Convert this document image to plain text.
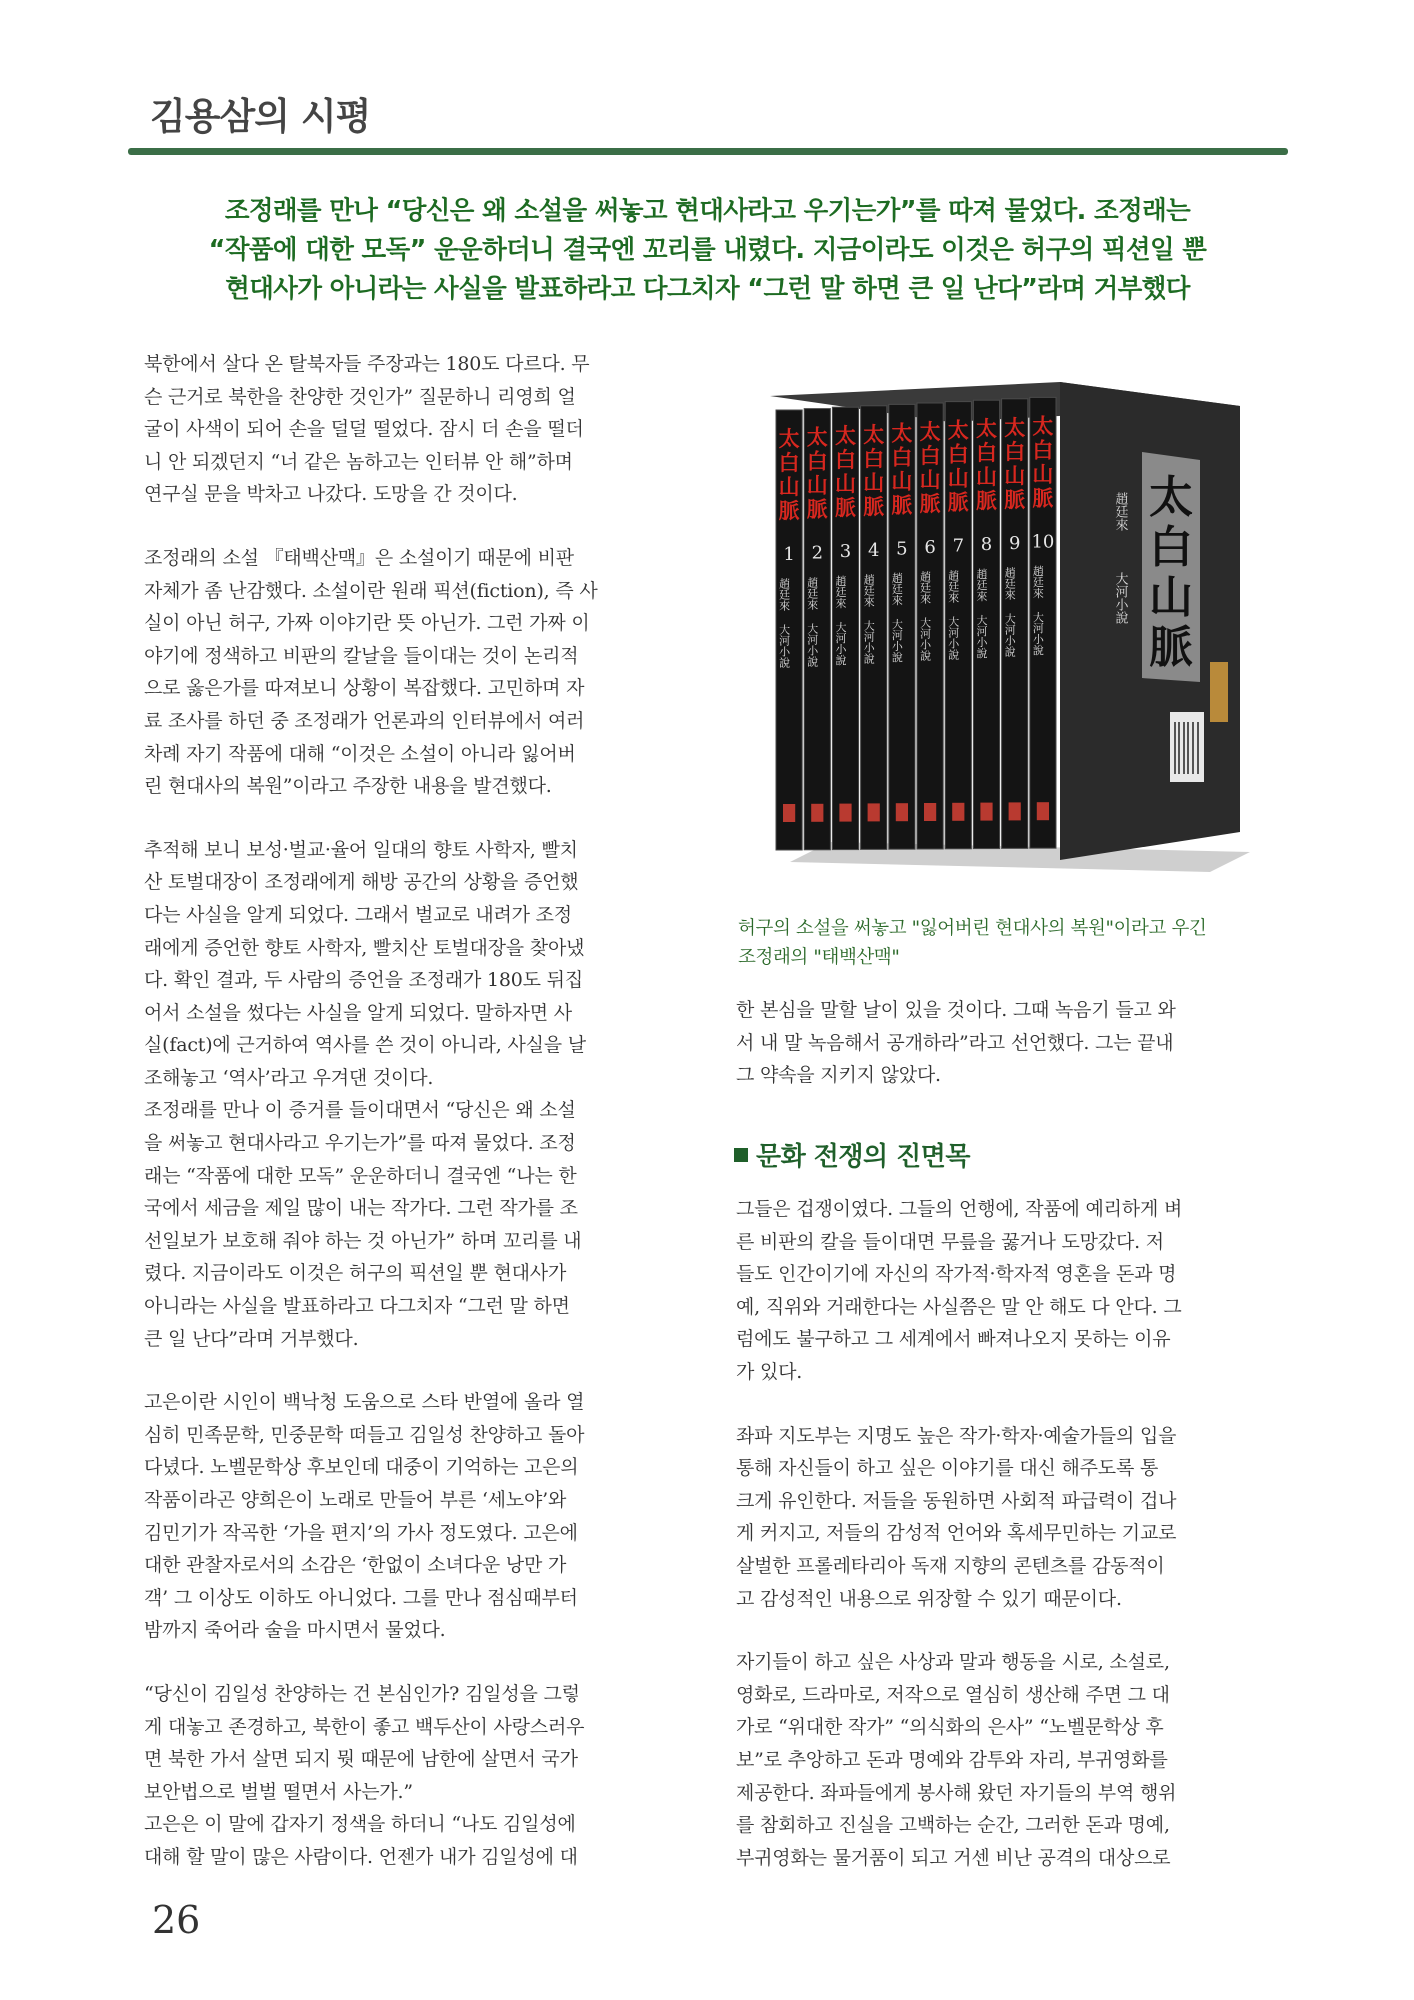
김용삼의 시평
조정래를 만나 “당신은 왜 소설을 써놓고 현대사라고 우기는가”를 따져 물었다. 조정래는
“작품에 대한 모독” 운운하더니 결국엔 꼬리를 내렸다. 지금이라도 이것은 허구의 픽션일 뿐
현대사가 아니라는 사실을 발표하라고 다그치자 “그런 말 하면 큰 일 난다”라며 거부했다
북한에서 살다 온 탈북자들 주장과는 180도 다르다. 무
슨 근거로 북한을 찬양한 것인가” 질문하니 리영희 얼
굴이 사색이 되어 손을 덜덜 떨었다. 잠시 더 손을 떨더
니 안 되겠던지 “너 같은 놈하고는 인터뷰 안 해”하며
연구실 문을 박차고 나갔다. 도망을 간 것이다.
조정래의 소설 『태백산맥』은 소설이기 때문에 비판
자체가 좀 난감했다. 소설이란 원래 픽션(fiction), 즉 사
실이 아닌 허구, 가짜 이야기란 뜻 아닌가. 그런 가짜 이
야기에 정색하고 비판의 칼날을 들이대는 것이 논리적
으로 옳은가를 따져보니 상황이 복잡했다. 고민하며 자
료 조사를 하던 중 조정래가 언론과의 인터뷰에서 여러
차례 자기 작품에 대해 “이것은 소설이 아니라 잃어버
린 현대사의 복원”이라고 주장한 내용을 발견했다.
추적해 보니 보성·벌교·율어 일대의 향토 사학자, 빨치
산 토벌대장이 조정래에게 해방 공간의 상황을 증언했
다는 사실을 알게 되었다. 그래서 벌교로 내려가 조정
래에게 증언한 향토 사학자, 빨치산 토벌대장을 찾아냈
다. 확인 결과, 두 사람의 증언을 조정래가 180도 뒤집
어서 소설을 썼다는 사실을 알게 되었다. 말하자면 사
실(fact)에 근거하여 역사를 쓴 것이 아니라, 사실을 날
조해놓고 ‘역사’라고 우겨댄 것이다.
조정래를 만나 이 증거를 들이대면서 “당신은 왜 소설
을 써놓고 현대사라고 우기는가”를 따져 물었다. 조정
래는 “작품에 대한 모독” 운운하더니 결국엔 “나는 한
국에서 세금을 제일 많이 내는 작가다. 그런 작가를 조
선일보가 보호해 줘야 하는 것 아닌가” 하며 꼬리를 내
렸다. 지금이라도 이것은 허구의 픽션일 뿐 현대사가
아니라는 사실을 발표하라고 다그치자 “그런 말 하면
큰 일 난다”라며 거부했다.
고은이란 시인이 백낙청 도움으로 스타 반열에 올라 열
심히 민족문학, 민중문학 떠들고 김일성 찬양하고 돌아
다녔다. 노벨문학상 후보인데 대중이 기억하는 고은의
작품이라곤 양희은이 노래로 만들어 부른 ‘세노야’와
김민기가 작곡한 ‘가을 편지’의 가사 정도였다. 고은에
대한 관찰자로서의 소감은 ‘한없이 소녀다운 낭만 가
객’ 그 이상도 이하도 아니었다. 그를 만나 점심때부터
밤까지 죽어라 술을 마시면서 물었다.
“당신이 김일성 찬양하는 건 본심인가? 김일성을 그렇
게 대놓고 존경하고, 북한이 좋고 백두산이 사랑스러우
면 북한 가서 살면 되지 뭣 때문에 남한에 살면서 국가
보안법으로 벌벌 떨면서 사는가.”
고은은 이 말에 갑자기 정색을 하더니 “나도 김일성에
대해 할 말이 많은 사람이다. 언젠가 내가 김일성에 대
太
白
山
脈
趙廷來
大河小說
太
白
山
脈
1
趙廷來
大河小說
太
白
山
脈
2
趙廷來
大河小說
太
白
山
脈
3
趙廷來
大河小說
太
白
山
脈
4
趙廷來
大河小說
太
白
山
脈
5
趙廷來
大河小說
太
白
山
脈
6
趙廷來
大河小說
太
白
山
脈
7
趙廷來
大河小說
太
白
山
脈
8
趙廷來
大河小說
太
白
山
脈
9
趙廷來
大河小說
太
白
山
脈
10
趙廷來
大河小說
허구의 소설을 써놓고 "잃어버린 현대사의 복원"이라고 우긴
조정래의 "태백산맥"
한 본심을 말할 날이 있을 것이다. 그때 녹음기 들고 와
서 내 말 녹음해서 공개하라”라고 선언했다. 그는 끝내
그 약속을 지키지 않았다.
문화 전쟁의 진면목
그들은 겁쟁이였다. 그들의 언행에, 작품에 예리하게 벼
른 비판의 칼을 들이대면 무릎을 꿇거나 도망갔다. 저
들도 인간이기에 자신의 작가적·학자적 영혼을 돈과 명
예, 직위와 거래한다는 사실쯤은 말 안 해도 다 안다. 그
럼에도 불구하고 그 세계에서 빠져나오지 못하는 이유
가 있다.
좌파 지도부는 지명도 높은 작가·학자·예술가들의 입을
통해 자신들이 하고 싶은 이야기를 대신 해주도록 통
크게 유인한다. 저들을 동원하면 사회적 파급력이 겁나
게 커지고, 저들의 감성적 언어와 혹세무민하는 기교로
살벌한 프롤레타리아 독재 지향의 콘텐츠를 감동적이
고 감성적인 내용으로 위장할 수 있기 때문이다.
자기들이 하고 싶은 사상과 말과 행동을 시로, 소설로,
영화로, 드라마로, 저작으로 열심히 생산해 주면 그 대
가로 “위대한 작가” “의식화의 은사” “노벨문학상 후
보”로 추앙하고 돈과 명예와 감투와 자리, 부귀영화를
제공한다. 좌파들에게 봉사해 왔던 자기들의 부역 행위
를 참회하고 진실을 고백하는 순간, 그러한 돈과 명예,
부귀영화는 물거품이 되고 거센 비난 공격의 대상으로
26
